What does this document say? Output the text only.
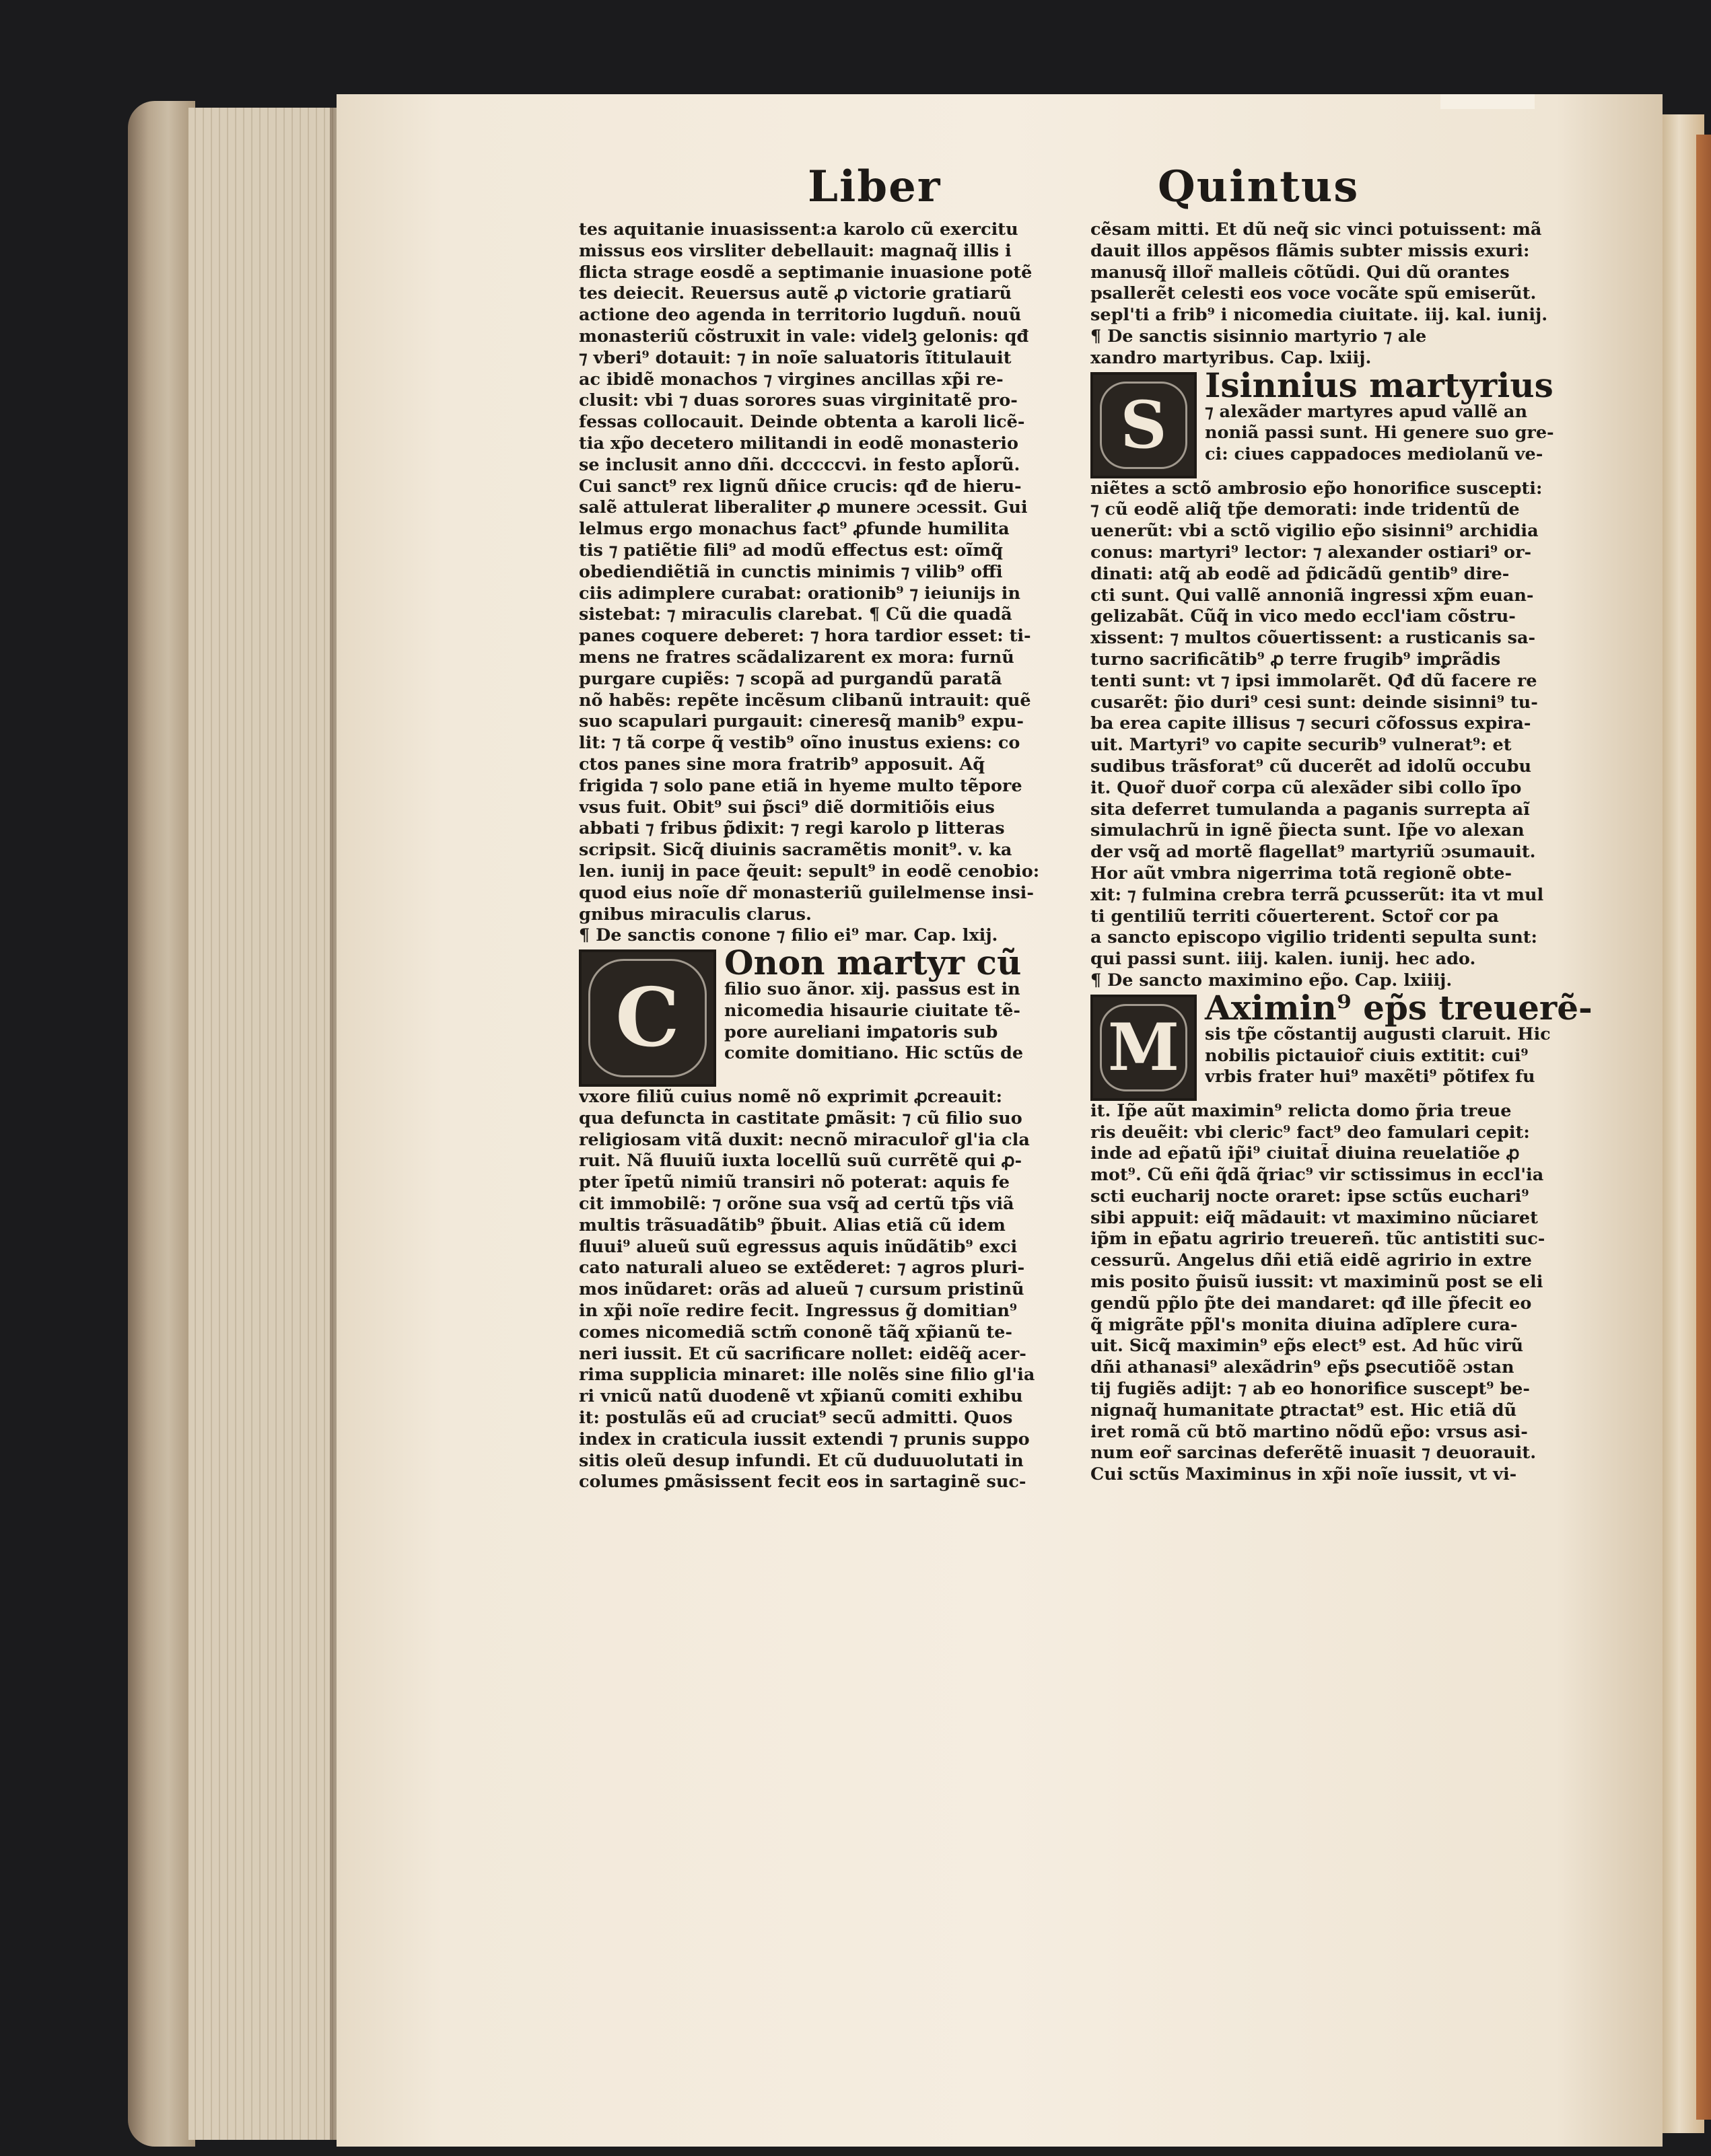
Liber	Quintus
tes aquitanie inuasissent:a karolo cũ exercitu
missus eos virsliter debellauit: magnaq̃ illis i
flicta strage eosdẽ a septimanie inuasione potẽ
tes deiecit. Reuersus autẽ ꝓ victorie gratiarũ
actione deo agenda in territorio lugduñ. nouũ
monasteriũ cõstruxit in vale: videlꝫ gelonis: qđ
⁊ vberi⁹ dotauit: ⁊ in noĩe saluatoris ĩtitulauit
ac ibidẽ monachos ⁊ virgines ancillas xp̃i re-
clusit: vbi ⁊ duas sorores suas virginitatẽ pro-
fessas collocauit. Deinde obtenta a karoli licẽ-
tia xp̃o decetero militandi in eodẽ monasterio
se inclusit anno dñi. dcccccvi. in festo apl̃orũ.
Cui sanct⁹ rex lignũ dñice crucis: qđ de hieru-
salẽ attulerat liberaliter ꝓ munere ɔcessit. Gui
lelmus ergo monachus fact⁹ ꝓfunde humilita
tis ⁊ patiẽtie fili⁹ ad modũ effectus est: oĩmq̃
obediendiẽtiã in cunctis minimis ⁊ vilib⁹ offi
ciis adimplere curabat: orationib⁹ ⁊ ieiunijs in
sistebat: ⁊ miraculis clarebat. ¶ Cũ die quadã
panes coquere deberet: ⁊ hora tardior esset: ti-
mens ne fratres scãdalizarent ex mora: furnũ
purgare cupiẽs: ⁊ scopã ad purgandũ paratã
nõ habẽs: repẽte incẽsum clibanũ intrauit: quẽ
suo scapulari purgauit: cineresq̃ manib⁹ expu-
lit: ⁊ tã corpe q̃ vestib⁹ oĩno inustus exiens: co
ctos panes sine mora fratrib⁹ apposuit. Aq̃
frigida ⁊ solo pane etiã in hyeme multo tẽpore
vsus fuit. Obit⁹ sui p̃sci⁹ diẽ dormitiõis eius
abbati ⁊ fribus p̃dixit: ⁊ regi karolo p litteras
scripsit. Sicq̃ diuinis sacramẽtis monit⁹. v. ka
len. iunij in pace q̃euit: sepult⁹ in eodẽ cenobio:
quod eius noĩe dr̃ monasteriũ guilelmense insi-
gnibus miraculis clarus.
¶ De sanctis conone ⁊ filio ei⁹ mar. Cap. lxij.
C
Onon martyr cũ
filio suo ãnor. xij. passus est in
nicomedia hisaurie ciuitate tẽ-
pore aureliani imꝑatoris sub
comite domitiano. Hic sctũs de
vxore filiũ cuius nomẽ nõ exprimit ꝓcreauit:
qua defuncta in castitate ꝑmãsit: ⁊ cũ filio suo
religiosam vitã duxit: necnõ miraculor̃ gl'ia cla
ruit. Nã fluuiũ iuxta locellũ suũ currẽtẽ qui ꝓ-
pter ĩpetũ nimiũ transiri nõ poterat: aquis fe
cit immobilẽ: ⁊ orõne sua vsq̃ ad certũ tp̃s viã
multis trãsuadãtib⁹ p̃buit. Alias etiã cũ idem
fluui⁹ alueũ suũ egressus aquis inũdãtib⁹ exci
cato naturali alueo se extẽderet: ⁊ agros pluri-
mos inũdaret: orãs ad alueũ ⁊ cursum pristinũ
in xp̃i noĩe redire fecit. Ingressus g̃ domitian⁹
comes nicomediã sctm̃ cononẽ tãq̃ xp̃ianũ te-
neri iussit. Et cũ sacrificare nollet: eidẽq̃ acer-
rima supplicia minaret: ille nolẽs sine filio gl'ia
ri vnicũ natũ duodenẽ vt xp̃ianũ comiti exhibu
it: postulãs eũ ad cruciat⁹ secũ admitti. Quos
index in craticula iussit extendi ⁊ prunis suppo
sitis oleũ desup infundi. Et cũ duduuolutati in
columes ꝑmãsissent fecit eos in sartaginẽ suc-
cẽsam mitti. Et dũ neq̃ sic vinci potuissent: mã
dauit illos appẽsos flãmis subter missis exuri:
manusq̃ illor̃ malleis cõtũdi. Qui dũ orantes
psallerẽt celesti eos voce vocãte spũ emiserũt.
sepl'ti a frib⁹ i nicomedia ciuitate. iij. kal. iunij.
¶ De sanctis sisinnio martyrio ⁊ ale
xandro martyribus. Cap. lxiij.
S
Isinnius martyrius
⁊ alexãder martyres apud vallẽ an
noniã passi sunt. Hi genere suo gre-
ci: ciues cappadoces mediolanũ ve-
niẽtes a sctõ ambrosio ep̃o honorifice suscepti:
⁊ cũ eodẽ aliq̃ tp̃e demorati: inde tridentũ de
uenerũt: vbi a sctõ vigilio ep̃o sisinni⁹ archidia
conus: martyri⁹ lector: ⁊ alexander ostiari⁹ or-
dinati: atq̃ ab eodẽ ad p̃dicãdũ gentib⁹ dire-
cti sunt. Qui vallẽ annoniã ingressi xp̃m euan-
gelizabãt. Cũq̃ in vico medo eccl'iam cõstru-
xissent: ⁊ multos cõuertissent: a rusticanis sa-
turno sacrificãtib⁹ ꝓ terre frugib⁹ imꝑrãdis
tenti sunt: vt ⁊ ipsi immolarẽt. Qđ dũ facere re
cusarẽt: p̃io duri⁹ cesi sunt: deinde sisinni⁹ tu-
ba erea capite illisus ⁊ securi cõfossus expira-
uit. Martyri⁹ vo capite securib⁹ vulnerat⁹: et
sudibus trãsforat⁹ cũ ducerẽt ad idolũ occubu
it. Quor̃ duor̃ corpa cũ alexãder sibi collo ĩpo
sita deferret tumulanda a paganis surrepta aĩ
simulachrũ in ignẽ p̃iecta sunt. Ip̃e vo alexan
der vsq̃ ad mortẽ flagellat⁹ martyriũ ɔsumauit.
Hor aũt vmbra nigerrima totã regionẽ obte-
xit: ⁊ fulmina crebra terrã ꝑcusserũt: ita vt mul
ti gentiliũ territi cõuerterent. Sctor̃ cor pa
a sancto episcopo vigilio tridenti sepulta sunt:
qui passi sunt. iiij. kalen. iunij. hec ado.
¶ De sancto maximino ep̃o. Cap. lxiiij.
M
Aximin⁹ ep̃s treuerẽ-
sis tp̃e cõstantij augusti claruit. Hic
nobilis pictauior̃ ciuis extitit: cui⁹
vrbis frater hui⁹ maxẽti⁹ põtifex fu
it. Ip̃e aũt maximin⁹ relicta domo p̃ria treue
ris deuẽit: vbi cleric⁹ fact⁹ deo famulari cepit:
inde ad ep̃atũ ip̃i⁹ ciuitat̃ diuina reuelatiõe ꝓ
mot⁹. Cũ eñi q̃dã q̃riac⁹ vir sctissimus in eccl'ia
scti eucharij nocte oraret: ipse sctũs euchari⁹
sibi appuit: eiq̃ mãdauit: vt maximino nũciaret
ip̃m in ep̃atu agririo treuereñ. tũc antistiti suc-
cessurũ. Angelus dñi etiã eidẽ agririo in extre
mis posito p̃uisũ iussit: vt maximinũ post se eli
gendũ pp̃lo p̃te dei mandaret: qđ ille p̃fecit eo
q̃ migrãte pp̃l's monita diuina adĩplere cura-
uit. Sicq̃ maximin⁹ ep̃s elect⁹ est. Ad hũc virũ
dñi athanasi⁹ alexãdrin⁹ ep̃s ꝑsecutiõẽ ɔstan
tij fugiẽs adijt: ⁊ ab eo honorifice suscept⁹ be-
nignaq̃ humanitate ꝑtractat⁹ est. Hic etiã dũ
iret romã cũ btõ martino nõdũ ep̃o: vrsus asi-
num eor̃ sarcinas deferẽtẽ inuasit ⁊ deuorauit.
Cui sctũs Maximinus in xp̃i noĩe iussit, vt vi-
